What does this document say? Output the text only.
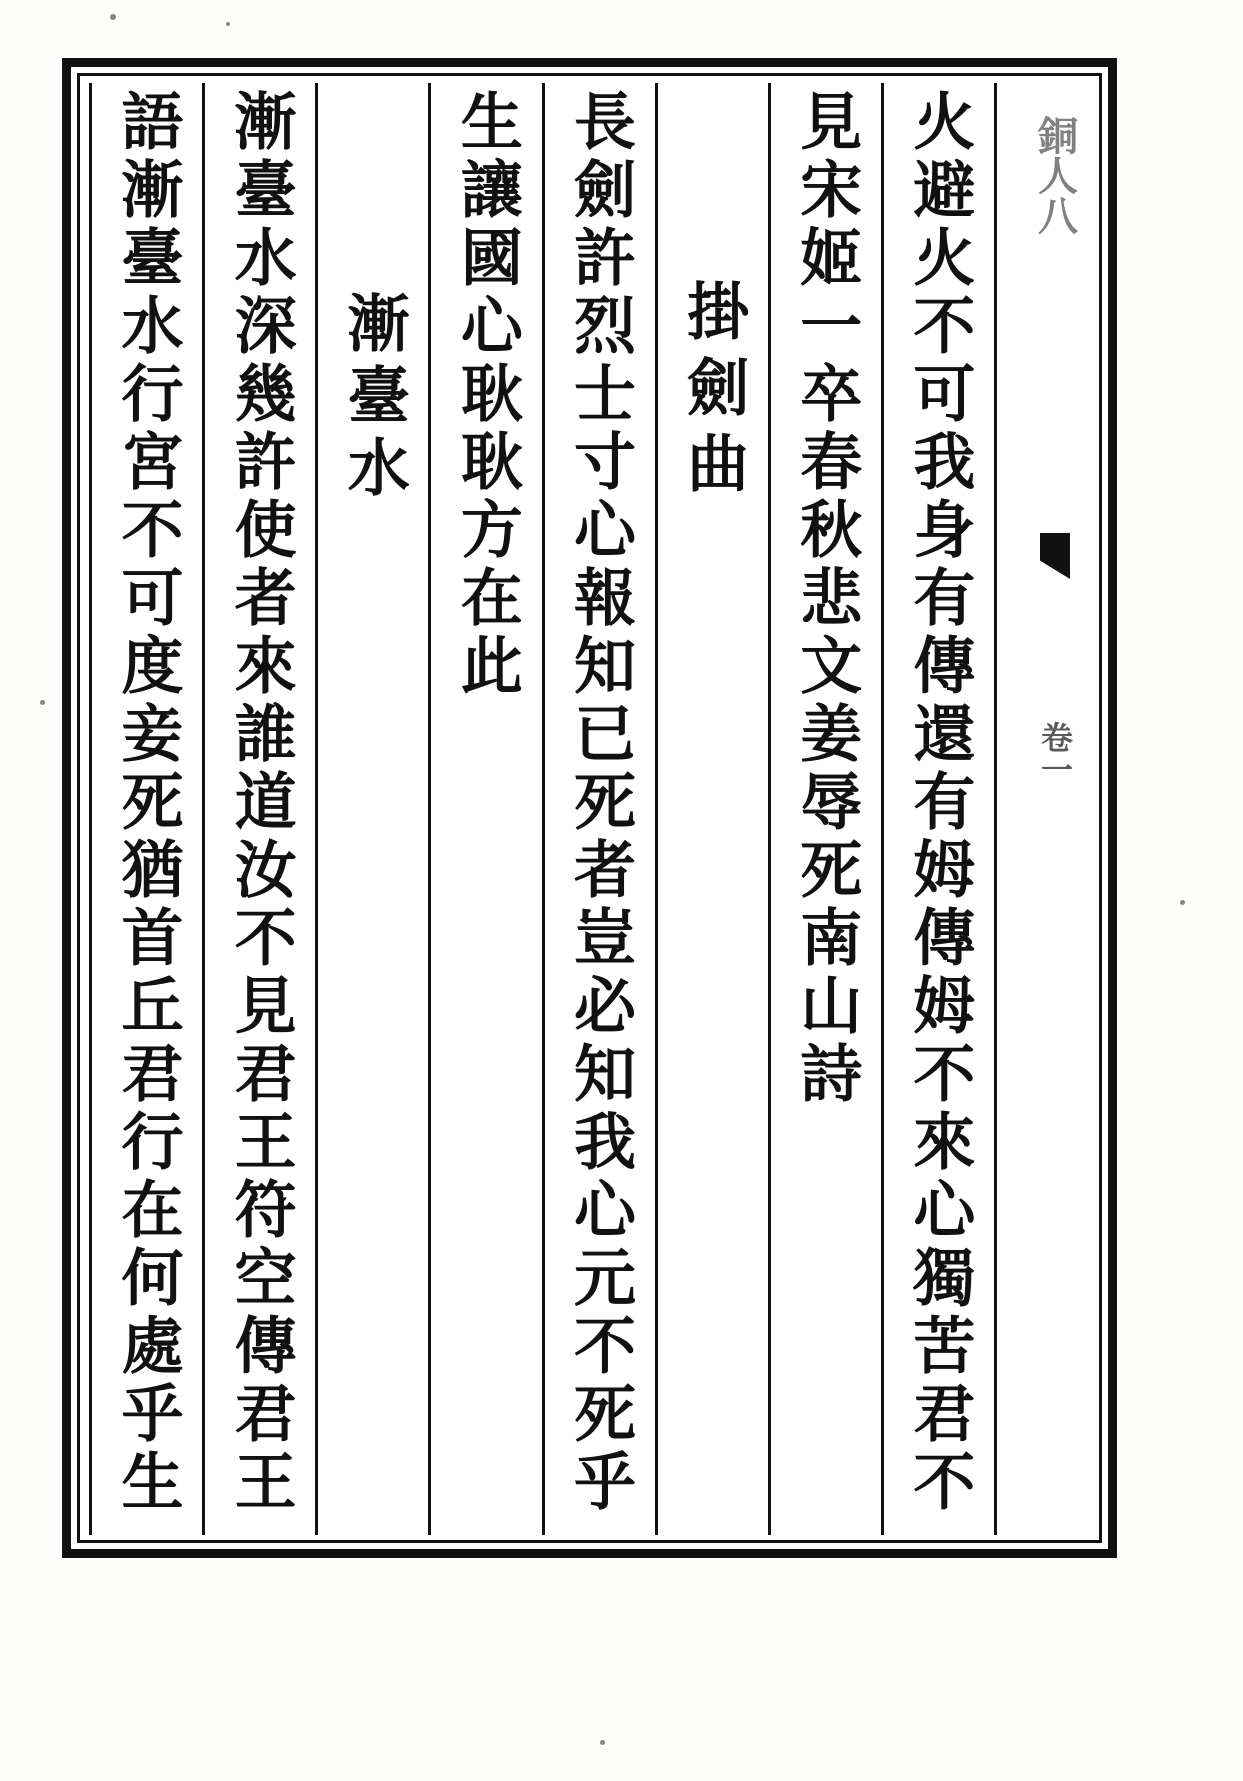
銅人八
卷一
火避火不可我身有傳還有姆傳姆不來心獨苦君不
見宋姬一卒春秋悲文姜辱死南山詩
掛劍曲
長劍許烈士寸心報知已死者豈必知我心元不死乎
生讓國心耿耿方在此
漸臺水
漸臺水深幾許使者來誰道汝不見君王符空傳君王
語漸臺水行宮不可度妾死猶首丘君行在何處乎生
